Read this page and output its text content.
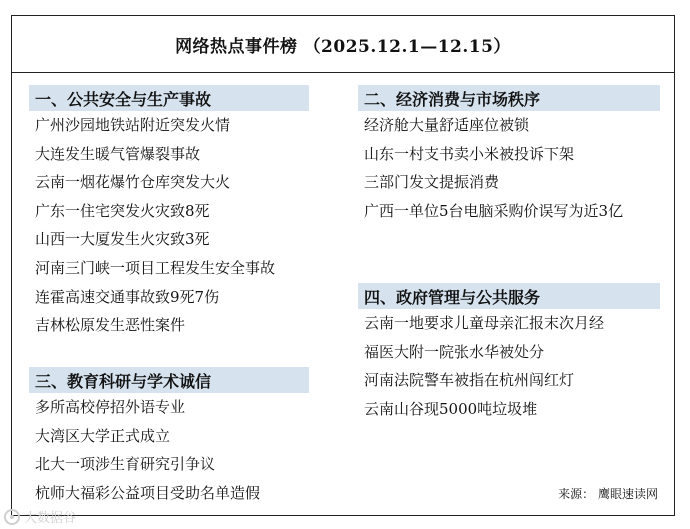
网络热点事件榜 （2025.12.1—12.15）
一、公共安全与生产事故
广州沙园地铁站附近突发火情
大连发生暖气管爆裂事故
云南一烟花爆竹仓库突发大火
广东一住宅突发火灾致8死
山西一大厦发生火灾致3死
河南三门峡一项目工程发生安全事故
连霍高速交通事故致9死7伤
吉林松原发生恶性案件
二、经济消费与市场秩序
经济舱大量舒适座位被锁
山东一村支书卖小米被投诉下架
三部门发文提振消费
广西一单位5台电脑采购价误写为近3亿
三、教育科研与学术诚信
多所高校停招外语专业
大湾区大学正式成立
北大一项涉生育研究引争议
杭师大福彩公益项目受助名单造假
四、政府管理与公共服务
云南一地要求儿童母亲汇报末次月经
福医大附一院张水华被处分
河南法院警车被指在杭州闯红灯
云南山谷现5000吨垃圾堆
来源： 鹰眼速读网
大数据谷
